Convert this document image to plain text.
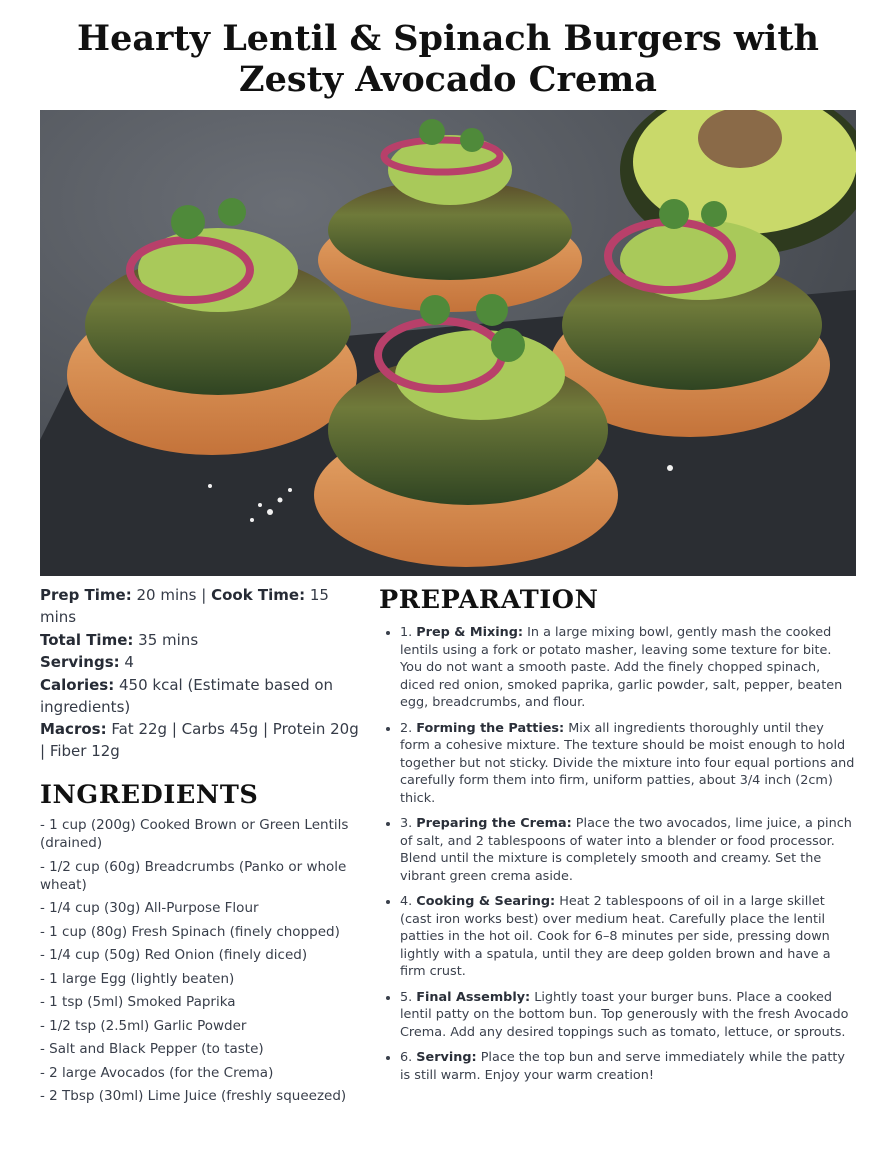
Hearty Lentil & Spinach Burgers with Zesty Avocado Crema

Prep Time: 20 mins | Cook Time: 15 mins

Total Time: 35 mins

Servings: 4

Calories: 450 kcal (Estimate based on ingredients)

Macros: Fat 22g | Carbs 45g | Protein 20g | Fiber 12g

INGREDIENTS
- 1 cup (200g) Cooked Brown or Green Lentils (drained)
- 1/2 cup (60g) Breadcrumbs (Panko or whole wheat)
- 1/4 cup (30g) All-Purpose Flour
- 1 cup (80g) Fresh Spinach (finely chopped)
- 1/4 cup (50g) Red Onion (finely diced)
- 1 large Egg (lightly beaten)
- 1 tsp (5ml) Smoked Paprika
- 1/2 tsp (2.5ml) Garlic Powder
- Salt and Black Pepper (to taste)
- 2 large Avocados (for the Crema)
- 2 Tbsp (30ml) Lime Juice (freshly squeezed)
PREPARATION
• 1. Prep & Mixing: In a large mixing bowl, gently mash the cooked lentils using a fork or potato masher, leaving some texture for bite. You do not want a smooth paste. Add the finely chopped spinach, diced red onion, smoked paprika, garlic powder, salt, pepper, beaten egg, breadcrumbs, and flour.
• 2. Forming the Patties: Mix all ingredients thoroughly until they form a cohesive mixture. The texture should be moist enough to hold together but not sticky. Divide the mixture into four equal portions and carefully form them into firm, uniform patties, about 3/4 inch (2cm) thick.
• 3. Preparing the Crema: Place the two avocados, lime juice, a pinch of salt, and 2 tablespoons of water into a blender or food processor. Blend until the mixture is completely smooth and creamy. Set the vibrant green crema aside.
• 4. Cooking & Searing: Heat 2 tablespoons of oil in a large skillet (cast iron works best) over medium heat. Carefully place the lentil patties in the hot oil. Cook for 6–8 minutes per side, pressing down lightly with a spatula, until they are deep golden brown and have a firm crust.
• 5. Final Assembly: Lightly toast your burger buns. Place a cooked lentil patty on the bottom bun. Top generously with the fresh Avocado Crema. Add any desired toppings such as tomato, lettuce, or sprouts.
• 6. Serving: Place the top bun and serve immediately while the patty is still warm. Enjoy your warm creation!
